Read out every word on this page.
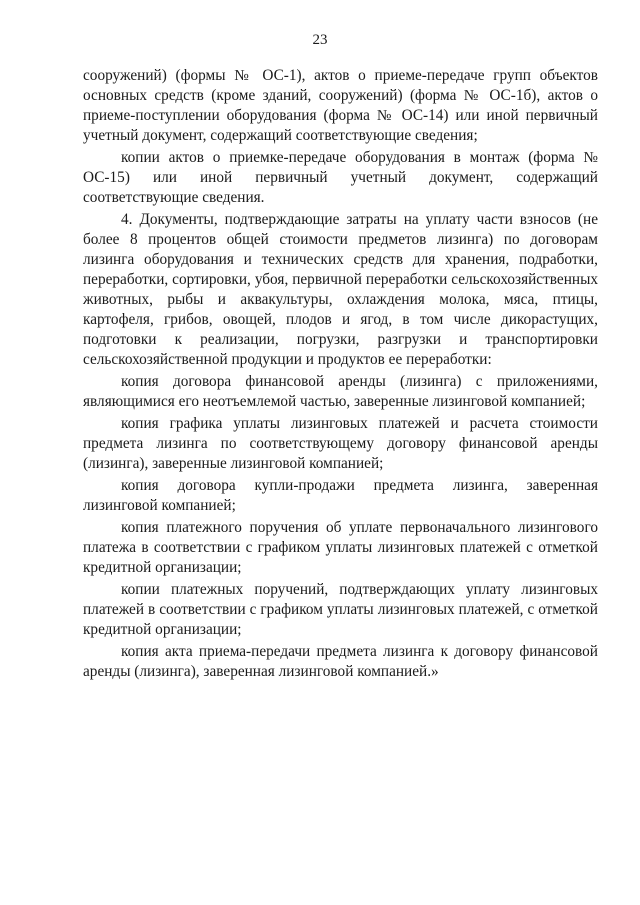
23

сооружений) (формы № ОС-1), актов о приеме-передаче групп объектов основных средств (кроме зданий, сооружений) (форма № ОС-1б), актов о приеме-поступлении оборудования (форма № ОС-14) или иной первичный учетный документ, содержащий соответствующие сведения;

копии актов о приемке-передаче оборудования в монтаж (форма № ОС-15) или иной первичный учетный документ, содержащий соответствующие сведения.

4. Документы, подтверждающие затраты на уплату части взносов (не более 8 процентов общей стоимости предметов лизинга) по договорам лизинга оборудования и технических средств для хранения, подработки, переработки, сортировки, убоя, первичной переработки сельскохозяйственных животных, рыбы и аквакультуры, охлаждения молока, мяса, птицы, картофеля, грибов, овощей, плодов и ягод, в том числе дикорастущих, подготовки к реализации, погрузки, разгрузки и транспортировки сельскохозяйственной продукции и продуктов ее переработки:

копия договора финансовой аренды (лизинга) с приложениями, являющимися его неотъемлемой частью, заверенные лизинговой компанией;

копия графика уплаты лизинговых платежей и расчета стоимости предмета лизинга по соответствующему договору финансовой аренды (лизинга), заверенные лизинговой компанией;

копия договора купли-продажи предмета лизинга, заверенная лизинговой компанией;

копия платежного поручения об уплате первоначального лизингового платежа в соответствии с графиком уплаты лизинговых платежей с отметкой кредитной организации;

копии платежных поручений, подтверждающих уплату лизинговых платежей в соответствии с графиком уплаты лизинговых платежей, с отметкой кредитной организации;

копия акта приема-передачи предмета лизинга к договору финансовой аренды (лизинга), заверенная лизинговой компанией.»
